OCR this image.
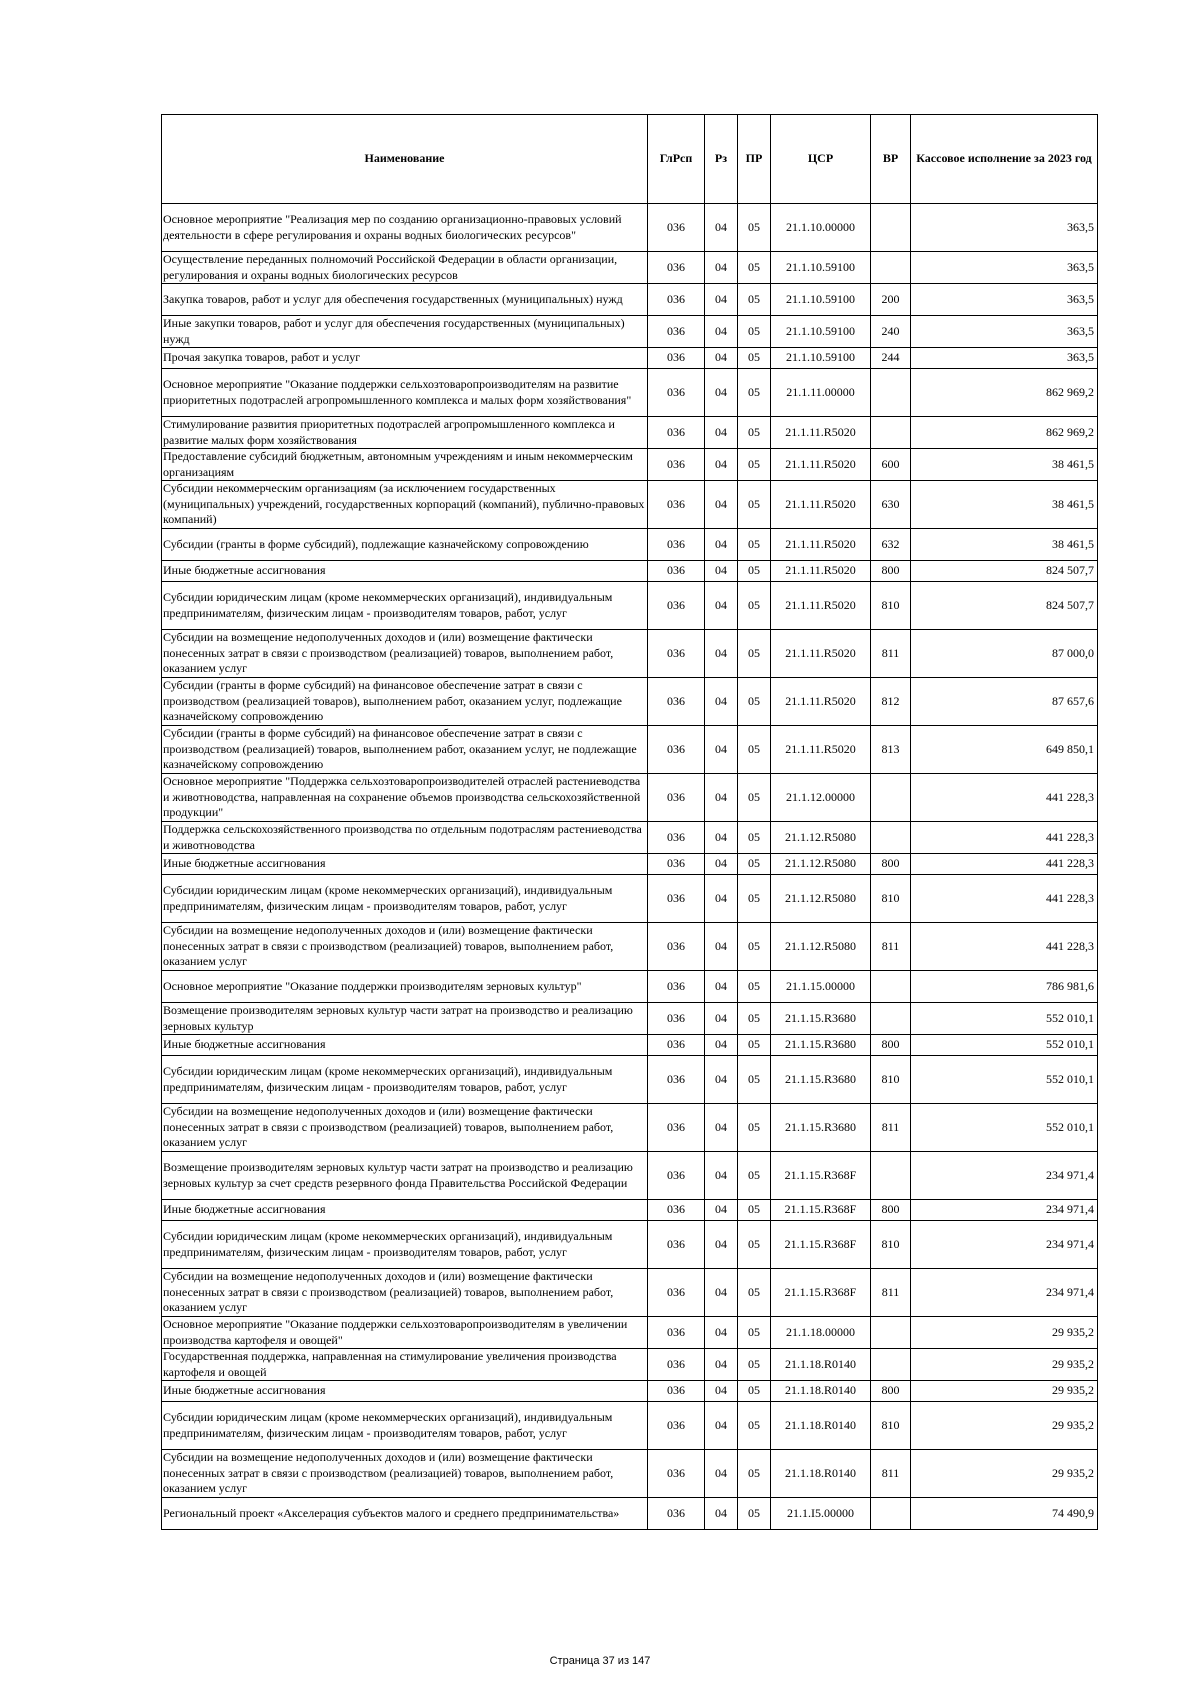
Наименование	ГлРсп	Рз	ПР	ЦСР	ВР	Кассовое исполнение за 2023 год
Основное мероприятие "Реализация мер по созданию организационно-правовых условий деятельности в сфере регулирования и охраны водных биологических ресурсов"	036	04	05	21.1.10.00000		363,5
Осуществление переданных полномочий Российской Федерации в области организации, регулирования и охраны водных биологических ресурсов	036	04	05	21.1.10.59100		363,5
Закупка товаров, работ и услуг для обеспечения государственных (муниципальных) нужд	036	04	05	21.1.10.59100	200	363,5
Иные закупки товаров, работ и услуг для обеспечения государственных (муниципальных) нужд	036	04	05	21.1.10.59100	240	363,5
Прочая закупка товаров, работ и услуг	036	04	05	21.1.10.59100	244	363,5
Основное мероприятие "Оказание поддержки сельхозтоваропроизводителям на развитие приоритетных подотраслей агропромышленного комплекса и малых форм хозяйствования"	036	04	05	21.1.11.00000		862 969,2
Стимулирование развития приоритетных подотраслей агропромышленного комплекса и развитие малых форм хозяйствования	036	04	05	21.1.11.R5020		862 969,2
Предоставление субсидий бюджетным, автономным учреждениям и иным некоммерческим организациям	036	04	05	21.1.11.R5020	600	38 461,5
Субсидии некоммерческим организациям (за исключением государственных (муниципальных) учреждений, государственных корпораций (компаний), публично-правовых компаний)	036	04	05	21.1.11.R5020	630	38 461,5
Субсидии (гранты в форме субсидий), подлежащие казначейскому сопровождению	036	04	05	21.1.11.R5020	632	38 461,5
Иные бюджетные ассигнования	036	04	05	21.1.11.R5020	800	824 507,7
Субсидии юридическим лицам (кроме некоммерческих организаций), индивидуальным предпринимателям, физическим лицам - производителям товаров, работ, услуг	036	04	05	21.1.11.R5020	810	824 507,7
Субсидии на возмещение недополученных доходов и (или) возмещение фактически понесенных затрат в связи с производством (реализацией) товаров, выполнением работ, оказанием услуг	036	04	05	21.1.11.R5020	811	87 000,0
Субсидии (гранты в форме субсидий) на финансовое обеспечение затрат в связи с производством (реализацией товаров), выполнением работ, оказанием услуг, подлежащие казначейскому сопровождению	036	04	05	21.1.11.R5020	812	87 657,6
Субсидии (гранты в форме субсидий) на финансовое обеспечение затрат в связи с производством (реализацией) товаров, выполнением работ, оказанием услуг, не подлежащие казначейскому сопровождению	036	04	05	21.1.11.R5020	813	649 850,1
Основное мероприятие "Поддержка сельхозтоваропроизводителей отраслей растениеводства и животноводства, направленная на сохранение объемов производства сельскохозяйственной продукции"	036	04	05	21.1.12.00000		441 228,3
Поддержка сельскохозяйственного производства по отдельным подотраслям растениеводства и животноводства	036	04	05	21.1.12.R5080		441 228,3
Иные бюджетные ассигнования	036	04	05	21.1.12.R5080	800	441 228,3
Субсидии юридическим лицам (кроме некоммерческих организаций), индивидуальным предпринимателям, физическим лицам - производителям товаров, работ, услуг	036	04	05	21.1.12.R5080	810	441 228,3
Субсидии на возмещение недополученных доходов и (или) возмещение фактически понесенных затрат в связи с производством (реализацией) товаров, выполнением работ, оказанием услуг	036	04	05	21.1.12.R5080	811	441 228,3
Основное мероприятие "Оказание поддержки производителям зерновых культур"	036	04	05	21.1.15.00000		786 981,6
Возмещение производителям зерновых культур части затрат на производство и реализацию зерновых культур	036	04	05	21.1.15.R3680		552 010,1
Иные бюджетные ассигнования	036	04	05	21.1.15.R3680	800	552 010,1
Субсидии юридическим лицам (кроме некоммерческих организаций), индивидуальным предпринимателям, физическим лицам - производителям товаров, работ, услуг	036	04	05	21.1.15.R3680	810	552 010,1
Субсидии на возмещение недополученных доходов и (или) возмещение фактически понесенных затрат в связи с производством (реализацией) товаров, выполнением работ, оказанием услуг	036	04	05	21.1.15.R3680	811	552 010,1
Возмещение производителям зерновых культур части затрат на производство и реализацию зерновых культур за счет средств резервного фонда Правительства Российской Федерации	036	04	05	21.1.15.R368F		234 971,4
Иные бюджетные ассигнования	036	04	05	21.1.15.R368F	800	234 971,4
Субсидии юридическим лицам (кроме некоммерческих организаций), индивидуальным предпринимателям, физическим лицам - производителям товаров, работ, услуг	036	04	05	21.1.15.R368F	810	234 971,4
Субсидии на возмещение недополученных доходов и (или) возмещение фактически понесенных затрат в связи с производством (реализацией) товаров, выполнением работ, оказанием услуг	036	04	05	21.1.15.R368F	811	234 971,4
Основное мероприятие "Оказание поддержки сельхозтоваропроизводителям в увеличении производства картофеля и овощей"	036	04	05	21.1.18.00000		29 935,2
Государственная поддержка, направленная на стимулирование увеличения производства картофеля и овощей	036	04	05	21.1.18.R0140		29 935,2
Иные бюджетные ассигнования	036	04	05	21.1.18.R0140	800	29 935,2
Субсидии юридическим лицам (кроме некоммерческих организаций), индивидуальным предпринимателям, физическим лицам - производителям товаров, работ, услуг	036	04	05	21.1.18.R0140	810	29 935,2
Субсидии на возмещение недополученных доходов и (или) возмещение фактически понесенных затрат в связи с производством (реализацией) товаров, выполнением работ, оказанием услуг	036	04	05	21.1.18.R0140	811	29 935,2
Региональный проект «Акселерация субъектов малого и среднего предпринимательства»	036	04	05	21.1.I5.00000		74 490,9
Страница 37 из 147
